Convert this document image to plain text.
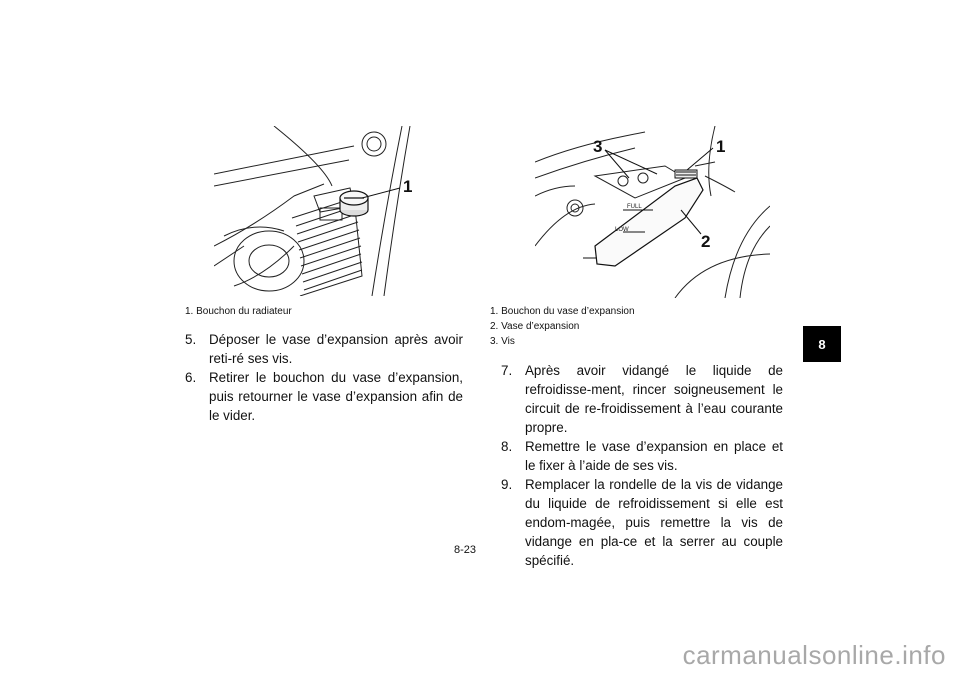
1
1. Bouchon du radiateur
5. Déposer le vase d’expansion après avoir reti-ré ses vis.
6. Retirer le bouchon du vase d’expansion, puis retourner le vase d’expansion afin de le vider.
FULL
LOW
3	1
2
1. Bouchon du vase d’expansion
2. Vase d’expansion
3. Vis
7. Après avoir vidangé le liquide de refroidisse-ment, rincer soigneusement le circuit de re-froidissement à l’eau courante propre.
8. Remettre le vase d’expansion en place et le fixer à l’aide de ses vis.
9. Remplacer la rondelle de la vis de vidange du liquide de refroidissement si elle est endom-magée, puis remettre la vis de vidange en pla-ce et la serrer au couple spécifié.
8
8-23
carmanualsonline.info
